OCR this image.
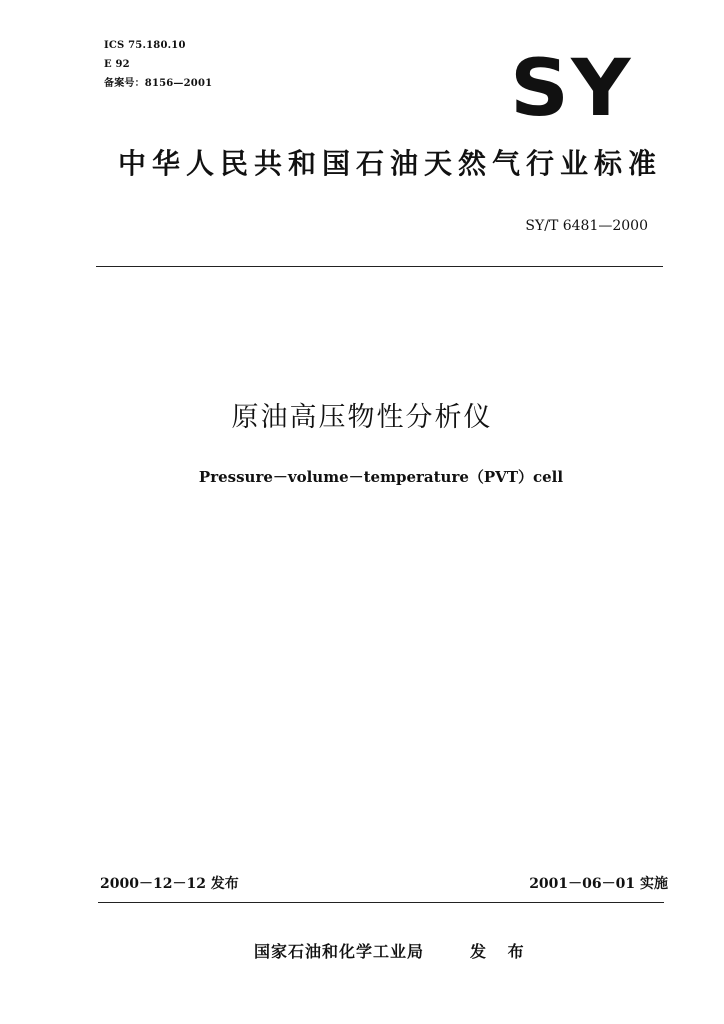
ICS 75.180.10
E 92
备案号：8156—2001	SY
中华人民共和国石油天然气行业标准
SY/T 6481—2000
原油高压物性分析仪
Pressure－volume－temperature（PVT）cell
2000－12－12 发布	2001－06－01 实施
国家石油和化学工业局	发 布
